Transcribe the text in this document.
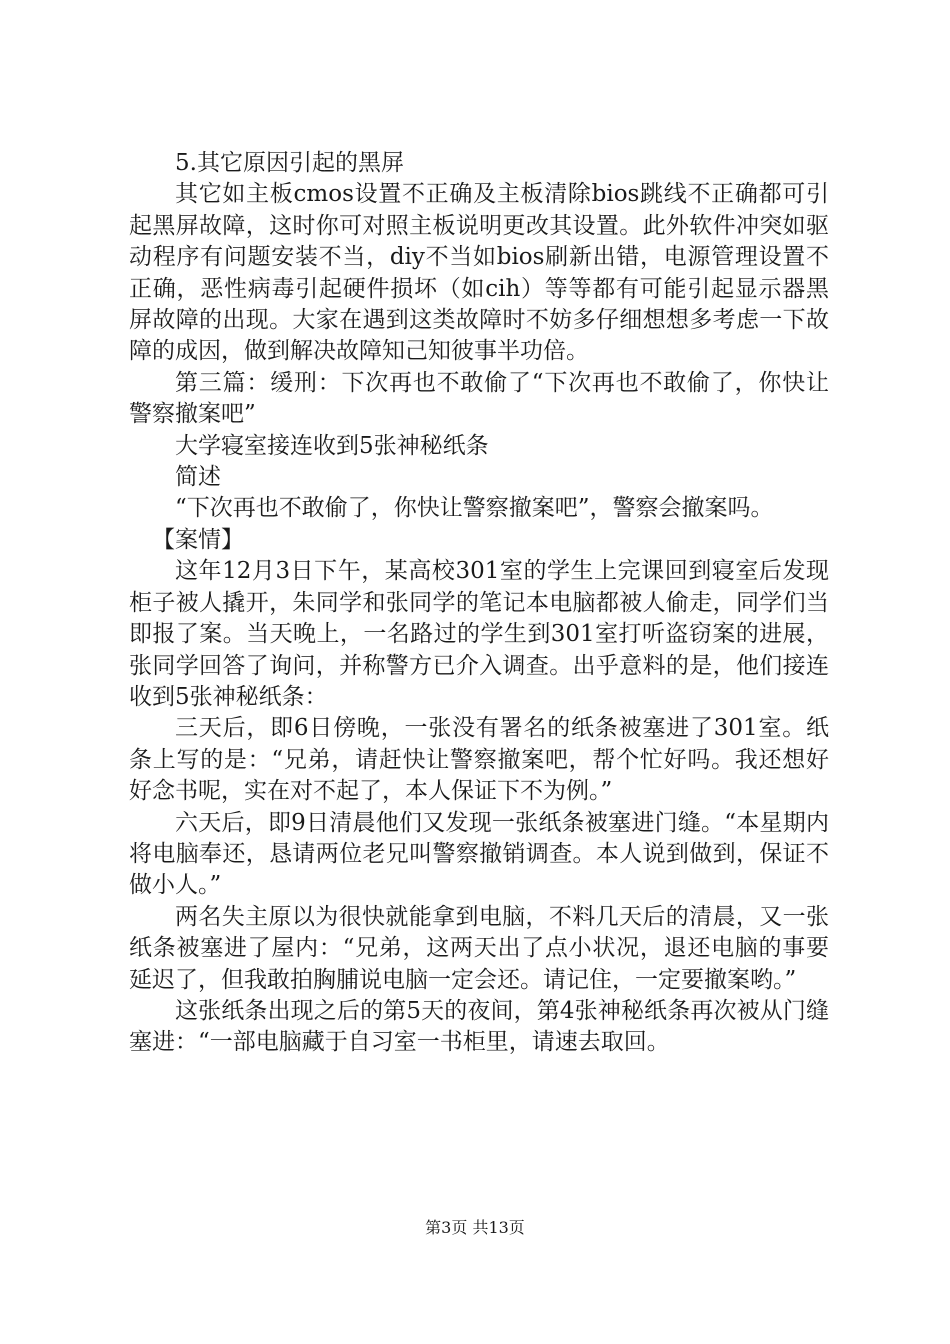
5.其它原因引起的黑屏

其它如主板cmos设置不正确及主板清除bios跳线不正确都可引起黑屏故障，这时你可对照主板说明更改其设置。此外软件冲突如驱动程序有问题安装不当，diy不当如bios刷新出错，电源管理设置不正确，恶性病毒引起硬件损坏（如cih）等等都有可能引起显示器黑屏故障的出现。大家在遇到这类故障时不妨多仔细想想多考虑一下故障的成因，做到解决故障知己知彼事半功倍。

第三篇：缓刑：下次再也不敢偷了“下次再也不敢偷了，你快让警察撤案吧”

大学寝室接连收到5张神秘纸条

简述

“下次再也不敢偷了，你快让警察撤案吧”，警察会撤案吗。

【案情】

这年12月3日下午，某高校301室的学生上完课回到寝室后发现柜子被人撬开，朱同学和张同学的笔记本电脑都被人偷走，同学们当即报了案。当天晚上，一名路过的学生到301室打听盗窃案的进展，张同学回答了询问，并称警方已介入调查。出乎意料的是，他们接连收到5张神秘纸条：

三天后，即6日傍晚，一张没有署名的纸条被塞进了301室。纸条上写的是：“兄弟，请赶快让警察撤案吧，帮个忙好吗。我还想好好念书呢，实在对不起了，本人保证下不为例。”

六天后，即9日清晨他们又发现一张纸条被塞进门缝。“本星期内将电脑奉还，恳请两位老兄叫警察撤销调查。本人说到做到，保证不做小人。”

两名失主原以为很快就能拿到电脑，不料几天后的清晨，又一张纸条被塞进了屋内：“兄弟，这两天出了点小状况，退还电脑的事要延迟了，但我敢拍胸脯说电脑一定会还。请记住，一定要撤案哟。”

这张纸条出现之后的第5天的夜间，第4张神秘纸条再次被从门缝塞进：“一部电脑藏于自习室一书柜里，请速去取回。

第3页 共13页
